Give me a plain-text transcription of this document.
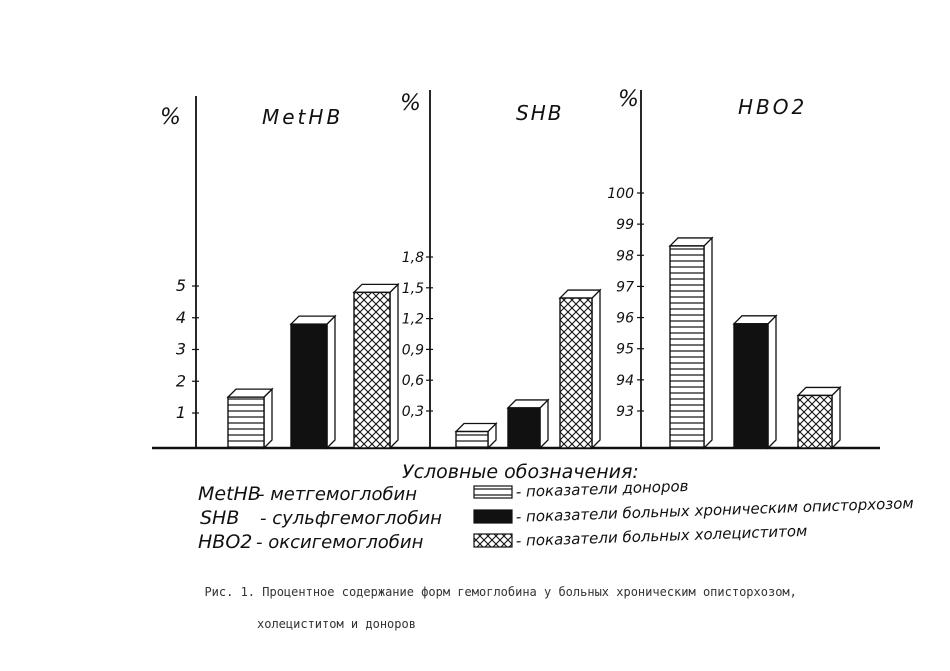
%	MetHB
1
2
3
4
5
%	SHB
0,3
0,6
0,9
1,2
1,5
1,8
%	HBO2
93
94
95
96
97
98
99
100
Условные обозначения:
MetHB
- метгемоглобин
SHB - сульфгемоглобин
HBO2 - оксигемоглобин
- показатели доноров
- показатели больных хроническим описторхозом
- показатели больных холециститом

Рис. 1. Процентное содержание форм гемоглобина у больных хроническим описторхозом,

холециститом и доноров
